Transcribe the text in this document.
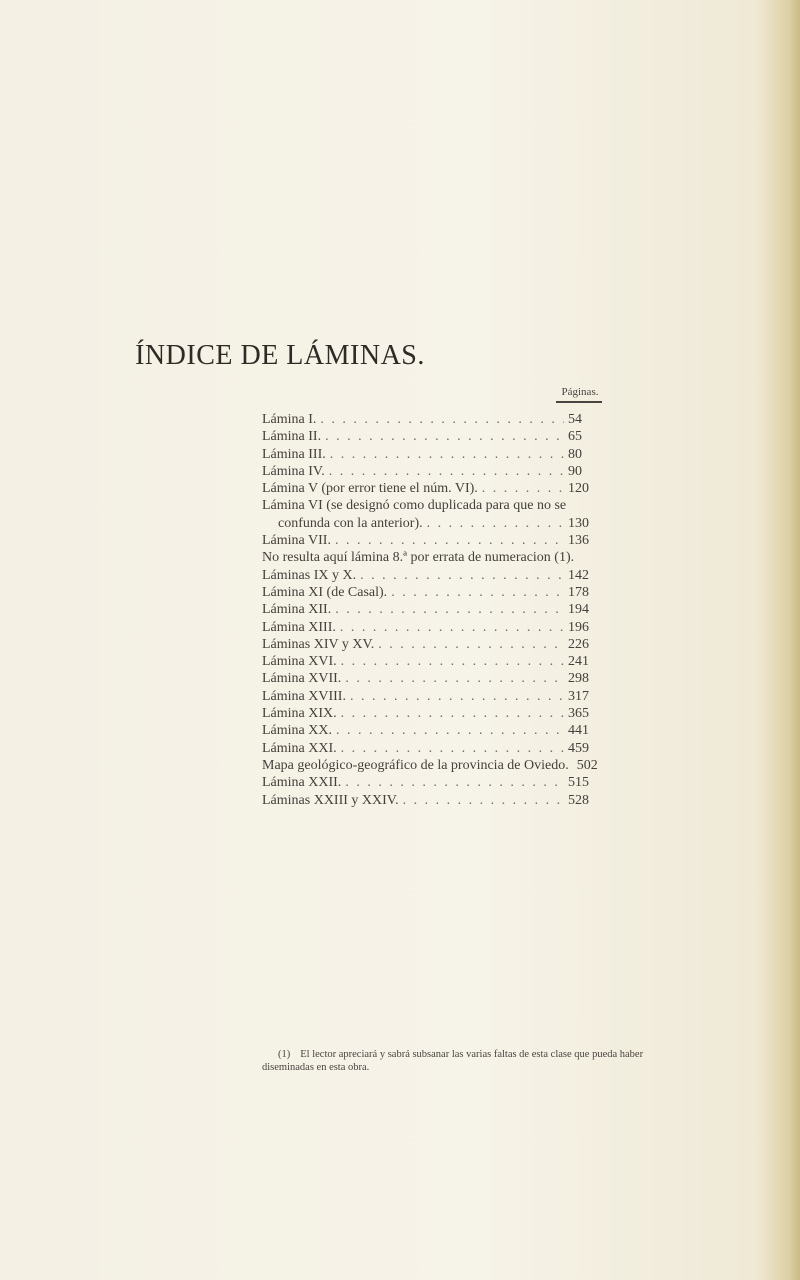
ÍNDICE DE LÁMINAS.
Páginas.
Lámina I. . . .	54
Lámina II. . . .	65
Lámina III. . . .	80
Lámina IV. . . .	90
Lámina V (por error tiene el núm. VI). . . .	120
Lámina VI (se designó como duplicada para que no se
confunda con la anterior). . . .	130
Lámina VII. . . .	136
No resulta aquí lámina 8.ª por errata de numeracion (1).
Láminas IX y X. . . .	142
Lámina XI (de Casal). . . .	178
Lámina XII. . . .	194
Lámina XIII. . . .	196
Láminas XIV y XV. . . .	226
Lámina XVI. . . .	241
Lámina XVII. . . .	298
Lámina XVIII. . . .	317
Lámina XIX. . . .	365
Lámina XX. . . .	441
Lámina XXI. . . .	459
Mapa geológico-geográfico de la provincia de Oviedo. 502
Lámina XXII. . . .	515
Láminas XXIII y XXIV. . . .	528
(1) El lector apreciará y sabrá subsanar las varias faltas de esta clase que pueda haber diseminadas en esta obra.
